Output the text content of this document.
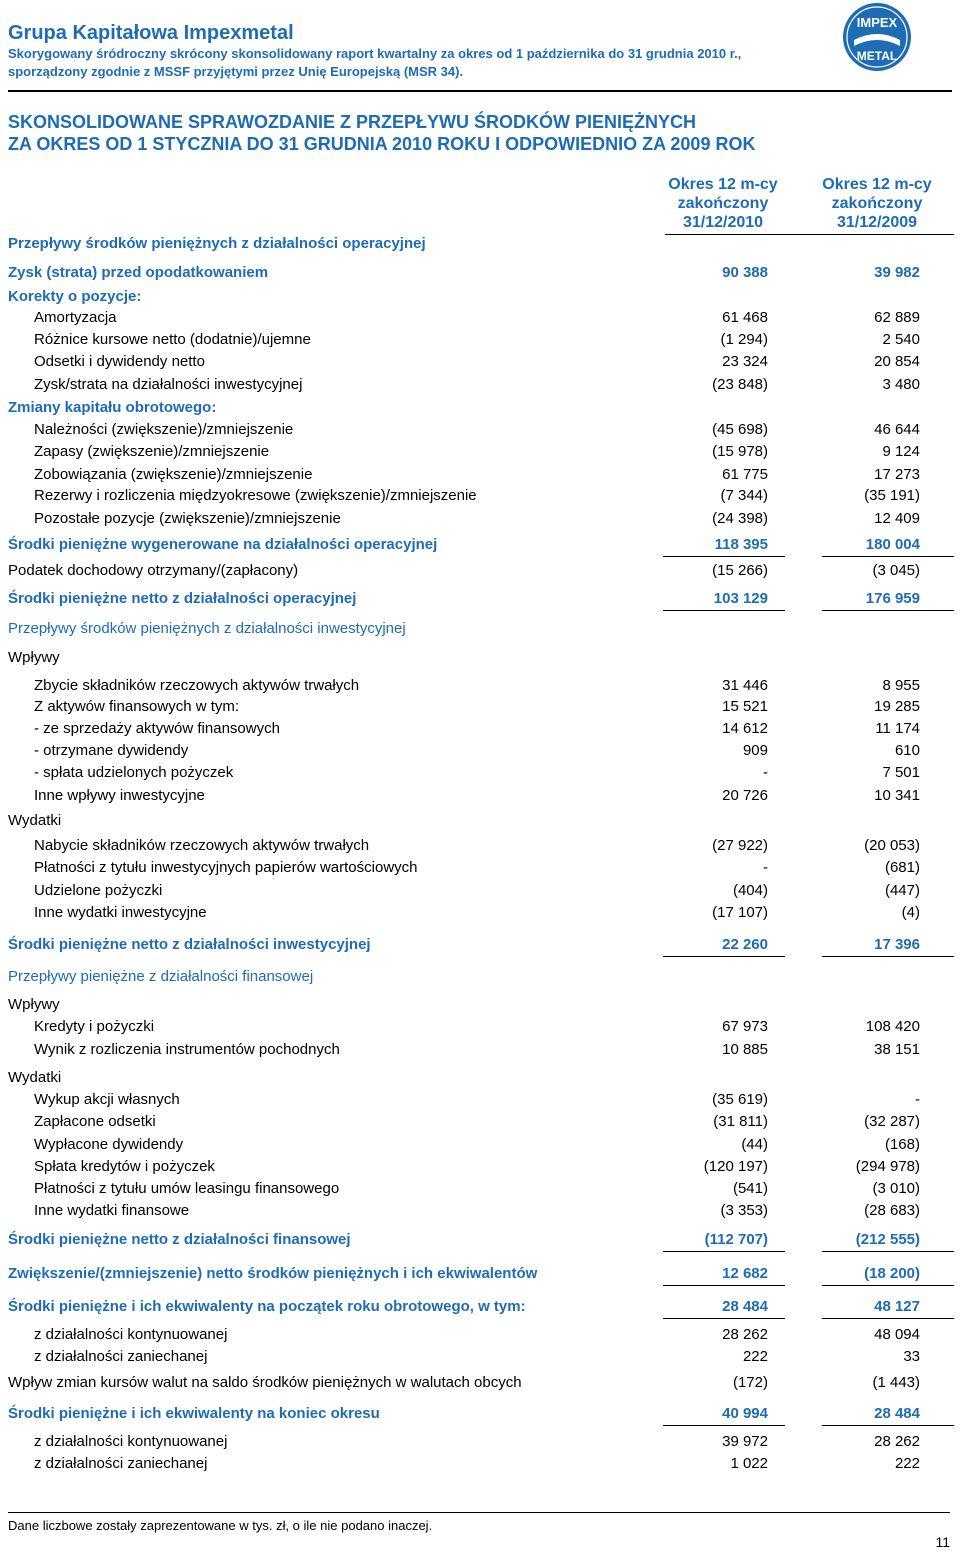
Grupa Kapitałowa Impexmetal
Skorygowany śródroczny skrócony skonsolidowany raport kwartalny za okres od 1 października do 31 grudnia 2010 r.,
sporządzony zgodnie z MSSF przyjętymi przez Unię Europejską (MSR 34).
IMPEX
METAL
SKONSOLIDOWANE SPRAWOZDANIE Z PRZEPŁYWU ŚRODKÓW PIENIĘŻNYCH
ZA OKRES OD 1 STYCZNIA DO 31 GRUDNIA 2010 ROKU I ODPOWIEDNIO ZA 2009 ROK
Okres 12 m-cy
zakończony
31/12/2010
Okres 12 m-cy
zakończony
31/12/2009
Przepływy środków pieniężnych z działalności operacyjnej
Zysk (strata) przed opodatkowaniem	90 388	39 982
Korekty o pozycje:
Amortyzacja	61 468	62 889
Różnice kursowe netto (dodatnie)/ujemne	(1 294)	2 540
Odsetki i dywidendy netto	23 324	20 854
Zysk/strata na działalności inwestycyjnej	(23 848)	3 480
Zmiany kapitału obrotowego:
Należności (zwiększenie)/zmniejszenie	(45 698)	46 644
Zapasy (zwiększenie)/zmniejszenie	(15 978)	9 124
Zobowiązania (zwiększenie)/zmniejszenie	61 775	17 273
Rezerwy i rozliczenia międzyokresowe (zwiększenie)/zmniejszenie	(7 344)	(35 191)
Pozostałe pozycje (zwiększenie)/zmniejszenie	(24 398)	12 409
Środki pieniężne wygenerowane na działalności operacyjnej	118 395	180 004
Podatek dochodowy otrzymany/(zapłacony)	(15 266)	(3 045)
Środki pieniężne netto z działalności operacyjnej	103 129	176 959
Przepływy środków pieniężnych z działalności inwestycyjnej
Wpływy
Zbycie składników rzeczowych aktywów trwałych	31 446	8 955
Z aktywów finansowych w tym:	15 521	19 285
- ze sprzedaży aktywów finansowych	14 612	11 174
- otrzymane dywidendy	909	610
- spłata udzielonych pożyczek	-	7 501
Inne wpływy inwestycyjne	20 726	10 341
Wydatki
Nabycie składników rzeczowych aktywów trwałych	(27 922)	(20 053)
Płatności z tytułu inwestycyjnych papierów wartościowych	-	(681)
Udzielone pożyczki	(404)	(447)
Inne wydatki inwestycyjne	(17 107)	(4)
Środki pieniężne netto z działalności inwestycyjnej	22 260	17 396
Przepływy pieniężne z działalności finansowej
Wpływy
Kredyty i pożyczki	67 973	108 420
Wynik z rozliczenia instrumentów pochodnych	10 885	38 151
Wydatki
Wykup akcji własnych	(35 619)	-
Zapłacone odsetki	(31 811)	(32 287)
Wypłacone dywidendy	(44)	(168)
Spłata kredytów i pożyczek	(120 197)	(294 978)
Płatności z tytułu umów leasingu finansowego	(541)	(3 010)
Inne wydatki finansowe	(3 353)	(28 683)
Środki pieniężne netto z działalności finansowej	(112 707)	(212 555)
Zwiększenie/(zmniejszenie) netto środków pieniężnych i ich ekwiwalentów	12 682	(18 200)
Środki pieniężne i ich ekwiwalenty na początek roku obrotowego, w tym:	28 484	48 127
z działalności kontynuowanej	28 262	48 094
z działalności zaniechanej	222	33
Wpływ zmian kursów walut na saldo środków pieniężnych w walutach obcych	(172)	(1 443)
Środki pieniężne i ich ekwiwalenty na koniec okresu	40 994	28 484
z działalności kontynuowanej	39 972	28 262
z działalności zaniechanej	1 022	222
Dane liczbowe zostały zaprezentowane w tys. zł, o ile nie podano inaczej.
11
